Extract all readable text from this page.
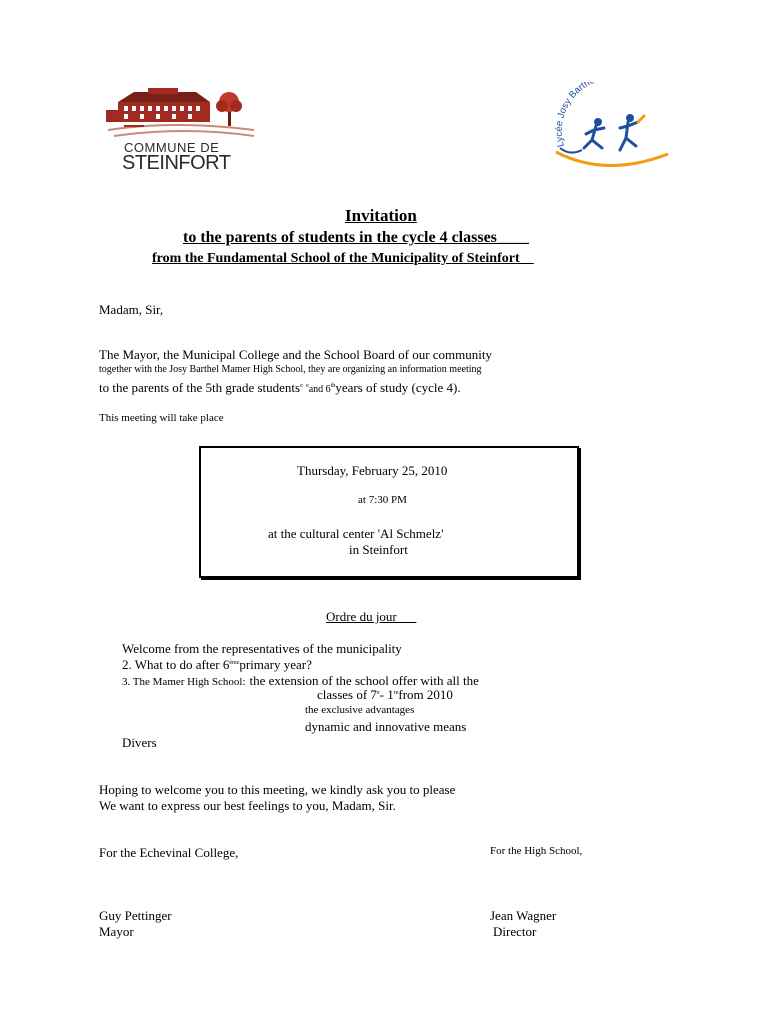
COMMUNE DE
STEINFORT
Lycée Josy Barth
Invitation
to the parents of students in the cycle 4 classes____
from the Fundamental School of the Municipality of Steinfort__
Madam, Sir,
The Mayor, the Municipal College and the School Board of our community
together with the Josy Barthel Mamer High School, they are organizing an information meeting
to the parents of the 5th grade students$^e$ $^e$and 6thyears of study (cycle 4).
This meeting will take place
Thursday, February 25, 2010
at 7:30 PM
at the cultural center 'Al Schmelz'
in Steinfort
Ordre du jour___
Welcome from the representatives of the municipality
2. What to do after 6èmeprimary year?
3. The Mamer High School: the extension of the school offer with all the
classes of 7e- 1refrom 2010
the exclusive advantages
dynamic and innovative means
Divers
Hoping to welcome you to this meeting, we kindly ask you to please
We want to express our best feelings to you, Madam, Sir.
For the Echevinal College,	For the High School,
Guy Pettinger
Mayor
Jean Wagner
Director
